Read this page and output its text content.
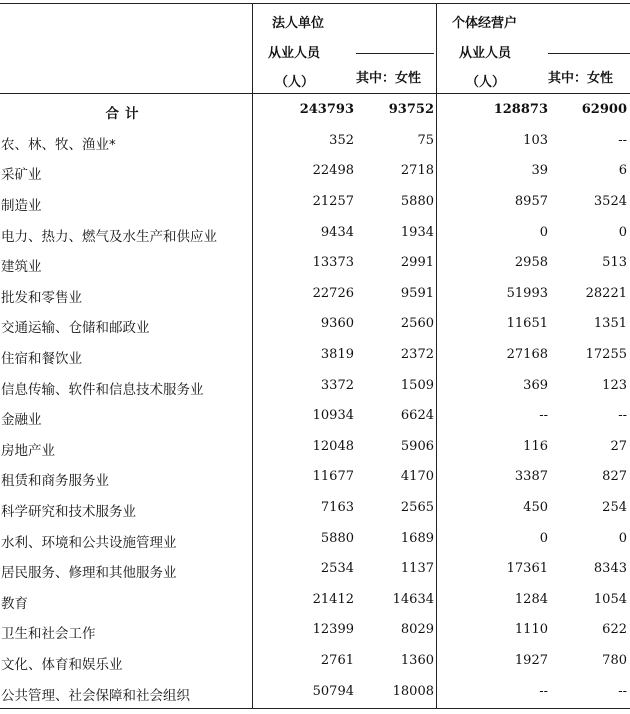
法人单位
从业人员
（人）	其中：女性
个体经营户
从业人员
（人）	其中：女性
合计	243793	93752	128873	62900
农、林、牧、渔业*	352	75	103	--
采矿业	22498	2718	39	6
制造业	21257	5880	8957	3524
电力、热力、燃气及水生产和供应业	9434	1934	0	0
建筑业	13373	2991	2958	513
批发和零售业	22726	9591	51993	28221
交通运输、仓储和邮政业	9360	2560	11651	1351
住宿和餐饮业	3819	2372	27168	17255
信息传输、软件和信息技术服务业	3372	1509	369	123
金融业	10934	6624	--	--
房地产业	12048	5906	116	27
租赁和商务服务业	11677	4170	3387	827
科学研究和技术服务业	7163	2565	450	254
水利、环境和公共设施管理业	5880	1689	0	0
居民服务、修理和其他服务业	2534	1137	17361	8343
教育	21412	14634	1284	1054
卫生和社会工作	12399	8029	1110	622
文化、体育和娱乐业	2761	1360	1927	780
公共管理、社会保障和社会组织	50794	18008	--	--
